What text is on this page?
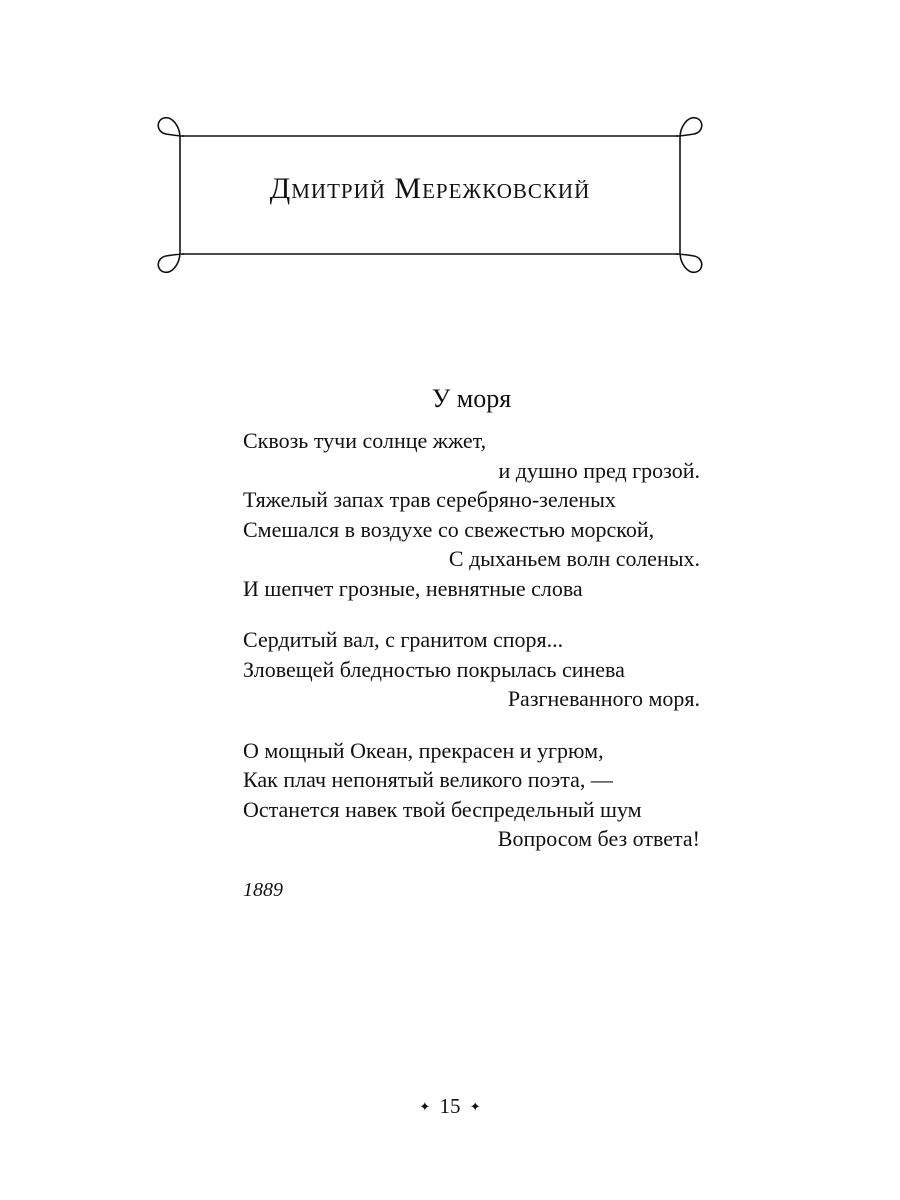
Дмитрий Мережковский
У моря
Сквозь тучи солнце жжет,
и душно пред грозой.
Тяжелый запах трав серебряно-зеленых
Смешался в воздухе со свежестью морской,
С дыханьем волн соленых.
И шепчет грозные, невнятные слова
Сердитый вал, с гранитом споря...
Зловещей бледностью покрылась синева
Разгневанного моря.
О мощный Океан, прекрасен и угрюм,
Как плач непонятый великого поэта, —
Останется навек твой беспредельный шум
Вопросом без ответа!
1889
✦ 15 ✦
